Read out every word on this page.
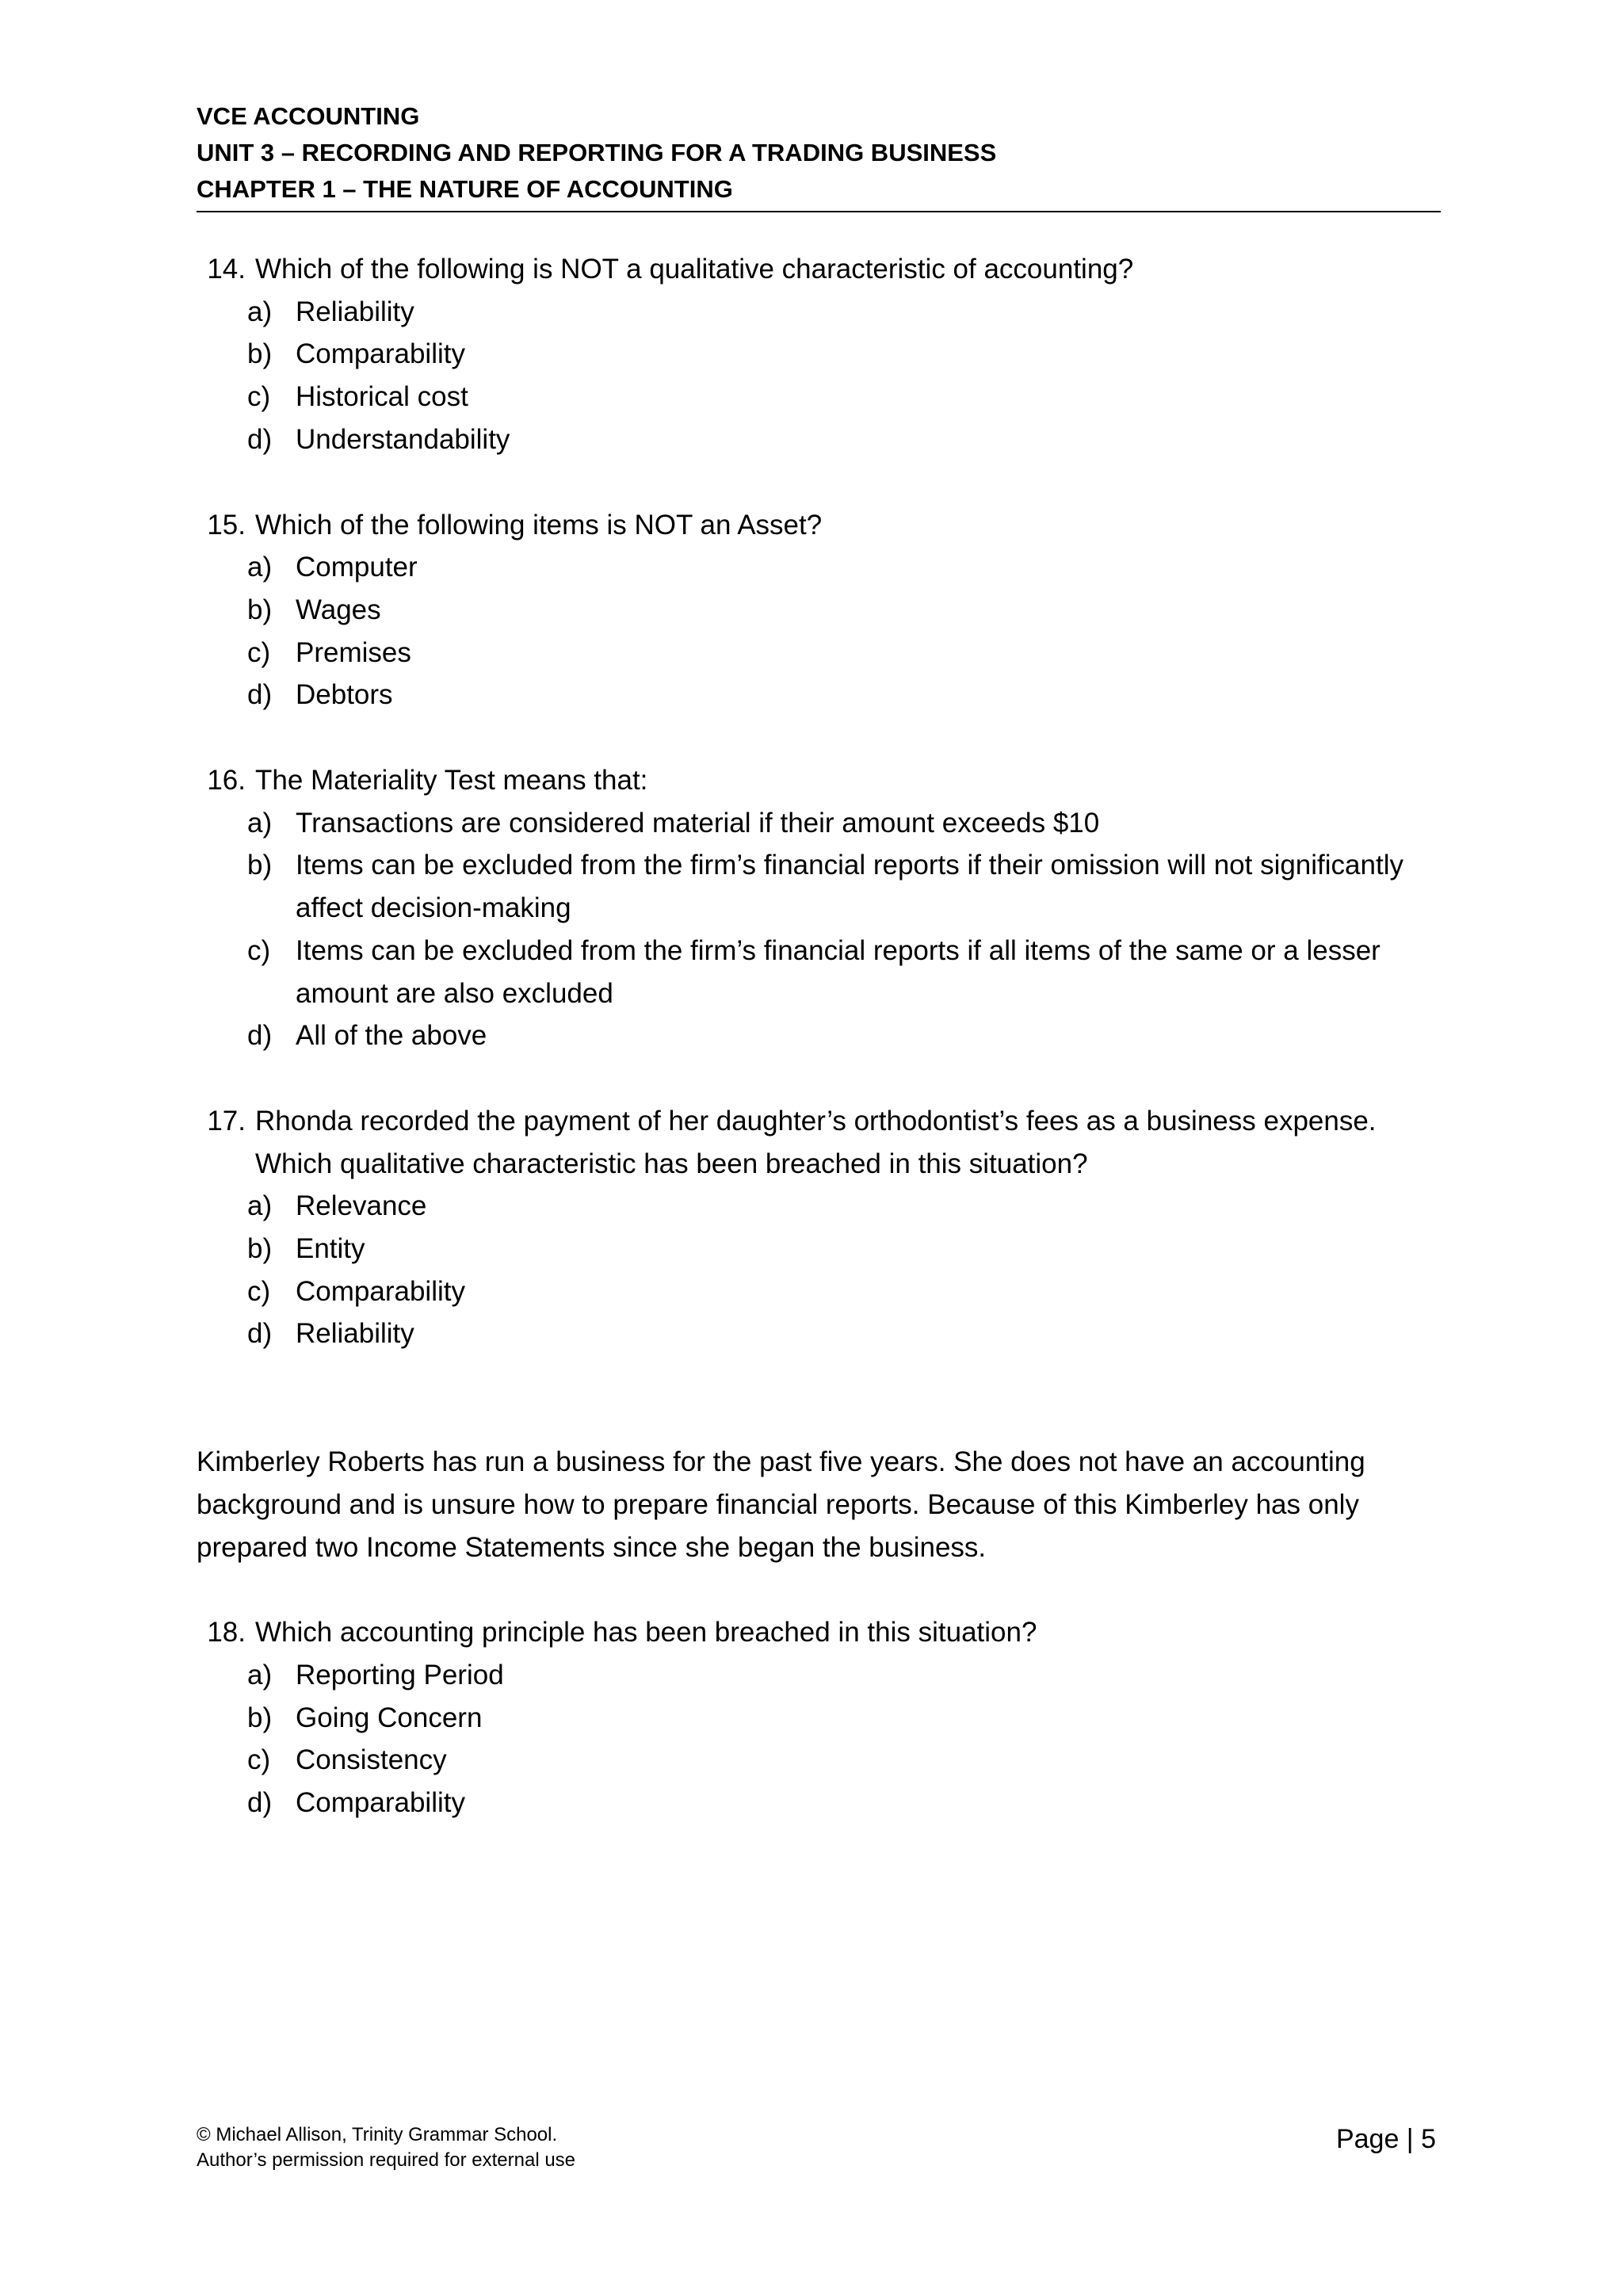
VCE ACCOUNTING
UNIT 3 – RECORDING AND REPORTING FOR A TRADING BUSINESS
CHAPTER 1 – THE NATURE OF ACCOUNTING
14. Which of the following is NOT a qualitative characteristic of accounting?
a) Reliability
b) Comparability
c) Historical cost
d) Understandability
15. Which of the following items is NOT an Asset?
a) Computer
b) Wages
c) Premises
d) Debtors
16. The Materiality Test means that:
a) Transactions are considered material if their amount exceeds $10
b) Items can be excluded from the firm’s financial reports if their omission will not significantly affect decision-making
c) Items can be excluded from the firm’s financial reports if all items of the same or a lesser amount are also excluded
d) All of the above
17. Rhonda recorded the payment of her daughter’s orthodontist’s fees as a business expense. Which qualitative characteristic has been breached in this situation?
a) Relevance
b) Entity
c) Comparability
d) Reliability
Kimberley Roberts has run a business for the past five years. She does not have an accounting background and is unsure how to prepare financial reports. Because of this Kimberley has only prepared two Income Statements since she began the business.
18. Which accounting principle has been breached in this situation?
a) Reporting Period
b) Going Concern
c) Consistency
d) Comparability
© Michael Allison, Trinity Grammar School.
Author’s permission required for external use
Page | 5
